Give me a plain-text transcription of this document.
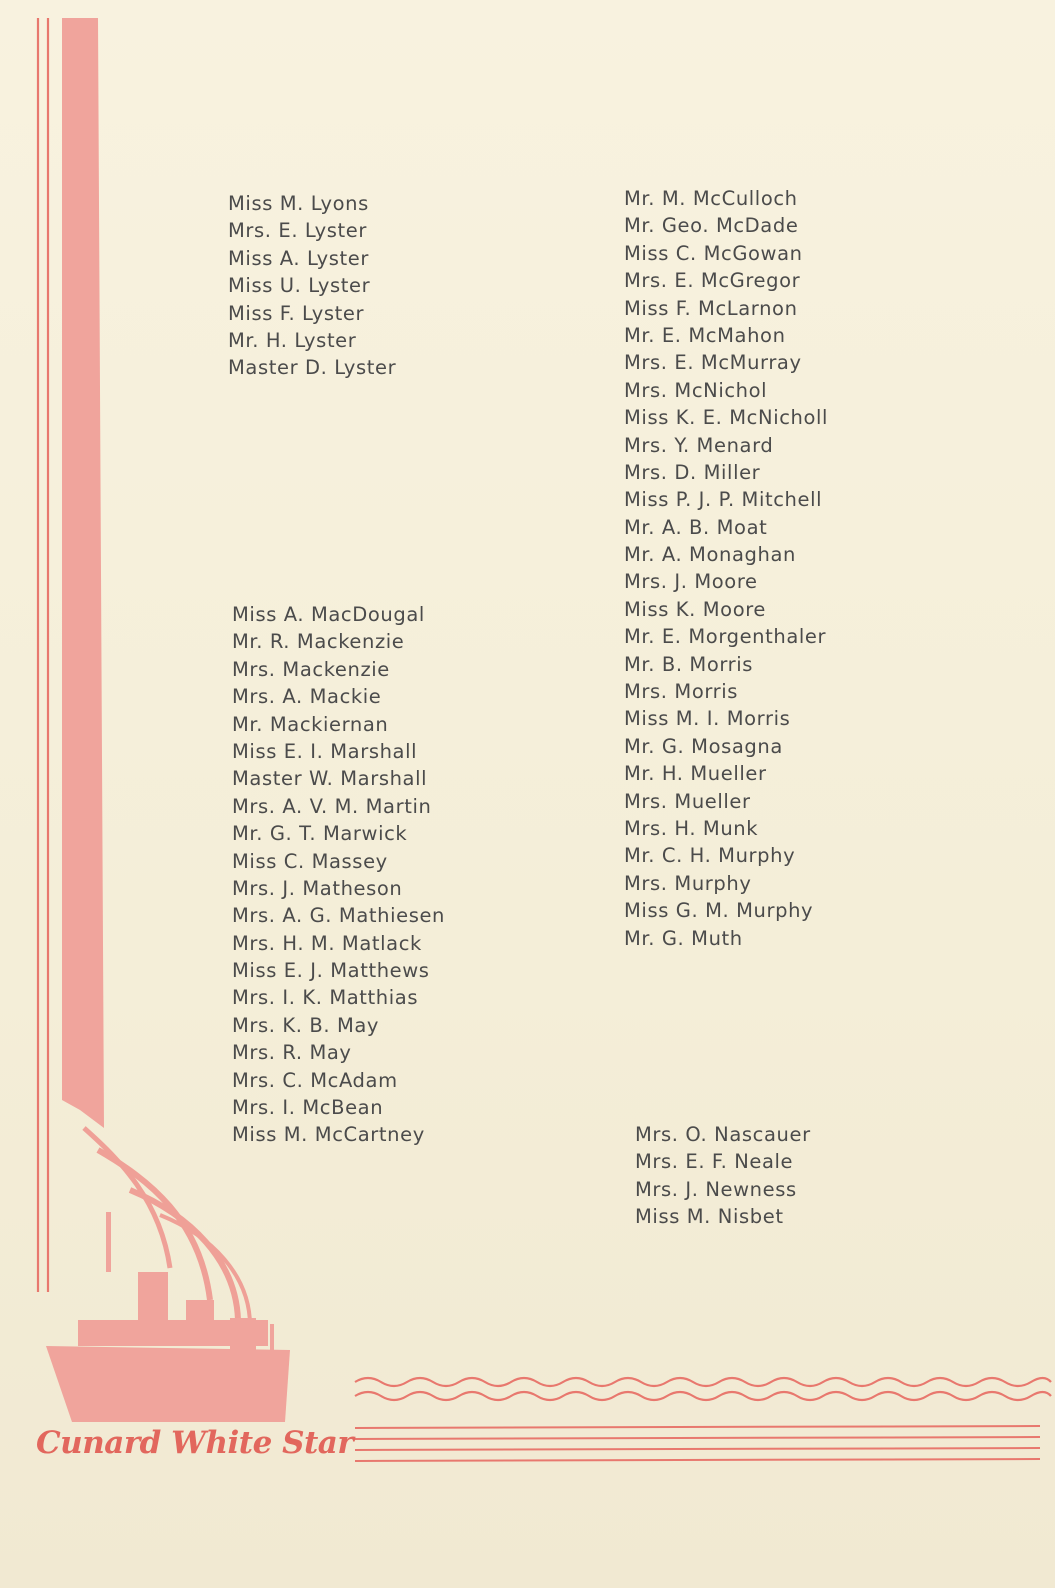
Miss M. Lyons
Mrs. E. Lyster
Miss A. Lyster
Miss U. Lyster
Miss F. Lyster
Mr. H. Lyster
Master D. Lyster
Miss A. MacDougal
Mr. R. Mackenzie
Mrs. Mackenzie
Mrs. A. Mackie
Mr. Mackiernan
Miss E. I. Marshall
Master W. Marshall
Mrs. A. V. M. Martin
Mr. G. T. Marwick
Miss C. Massey
Mrs. J. Matheson
Mrs. A. G. Mathiesen
Mrs. H. M. Matlack
Miss E. J. Matthews
Mrs. I. K. Matthias
Mrs. K. B. May
Mrs. R. May
Mrs. C. McAdam
Mrs. I. McBean
Miss M. McCartney
Mr. M. McCulloch
Mr. Geo. McDade
Miss C. McGowan
Mrs. E. McGregor
Miss F. McLarnon
Mr. E. McMahon
Mrs. E. McMurray
Mrs. McNichol
Miss K. E. McNicholl
Mrs. Y. Menard
Mrs. D. Miller
Miss P. J. P. Mitchell
Mr. A. B. Moat
Mr. A. Monaghan
Mrs. J. Moore
Miss K. Moore
Mr. E. Morgenthaler
Mr. B. Morris
Mrs. Morris
Miss M. I. Morris
Mr. G. Mosagna
Mr. H. Mueller
Mrs. Mueller
Mrs. H. Munk
Mr. C. H. Murphy
Mrs. Murphy
Miss G. M. Murphy
Mr. G. Muth
Mrs. O. Nascauer
Mrs. E. F. Neale
Mrs. J. Newness
Miss M. Nisbet
Cunard White Star
